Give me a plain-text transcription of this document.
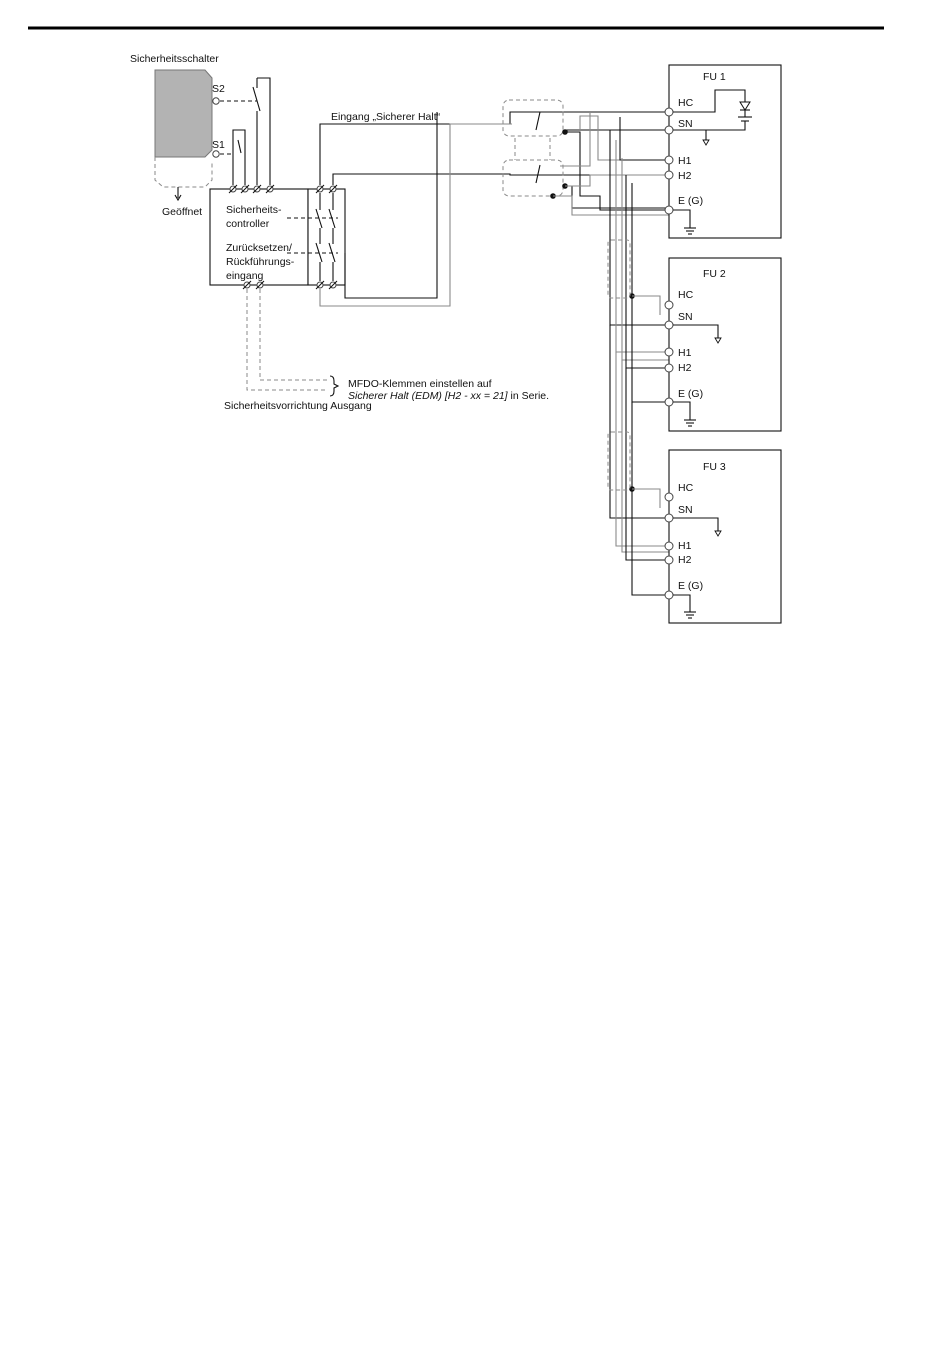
Sicherheitsschalter
Geöffnet
S2
S1
Sicherheits-
controller
Zurücksetzen/
Rückführungs-
eingang
Eingang „Sicherer Halt“
FU 1
HC
SN
H1
H2
E (G)
FU 2
HC
SN
H1
H2
E (G)
FU 3
HC
SN
H1
H2
E (G)
MFDO-Klemmen einstellen auf
Sicherer Halt (EDM) [H2 - xx = 21] in Serie.
Sicherheitsvorrichtung Ausgang
